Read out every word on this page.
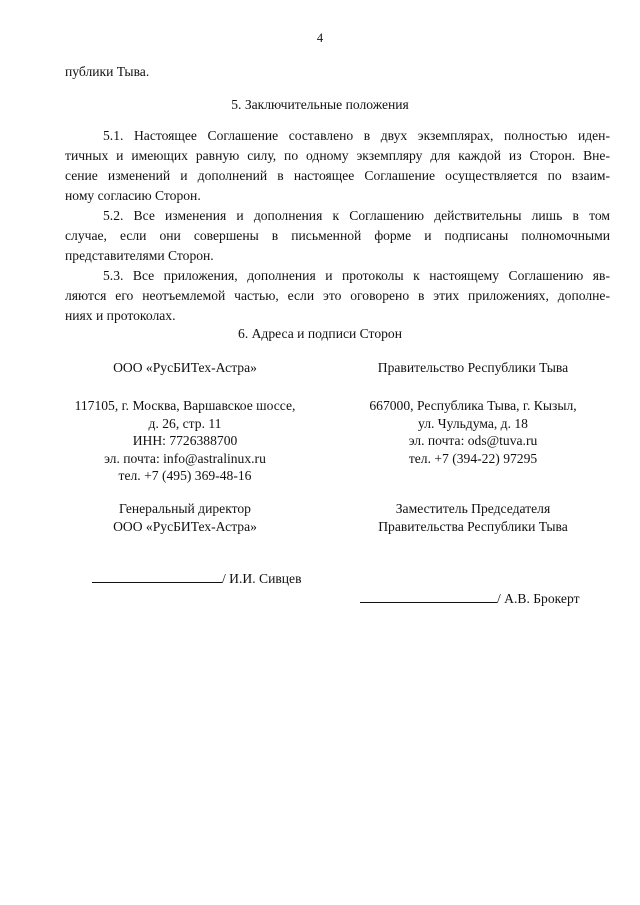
4
публики Тыва.
5. Заключительные положения
5.1. Настоящее Соглашение составлено в двух экземплярах, полностью иден-
тичных и имеющих равную силу, по одному экземпляру для каждой из Сторон. Вне-
сение изменений и дополнений в настоящее Соглашение осуществляется по взаим-
ному согласию Сторон.
5.2. Все изменения и дополнения к Соглашению действительны лишь в том
случае, если они совершены в письменной форме и подписаны полномочными
представителями Сторон.
5.3. Все приложения, дополнения и протоколы к настоящему Соглашению яв-
ляются его неотъемлемой частью, если это оговорено в этих приложениях, дополне-
ниях и протоколах.
6. Адреса и подписи Сторон
ООО «РусБИТех-Астра»
117105, г. Москва, Варшавское шоссе,
д. 26, стр. 11
ИНН: 7726388700
эл. почта: info@astralinux.ru
тел. +7 (495) 369-48-16
Генеральный директор
ООО «РусБИТех-Астра»
Правительство Республики Тыва
667000, Республика Тыва, г. Кызыл,
ул. Чульдума, д. 18
эл. почта: ods@tuva.ru
тел. +7 (394-22) 97295
Заместитель Председателя
Правительства Республики Тыва
/ И.И. Сивцев
/ А.В. Брокерт
